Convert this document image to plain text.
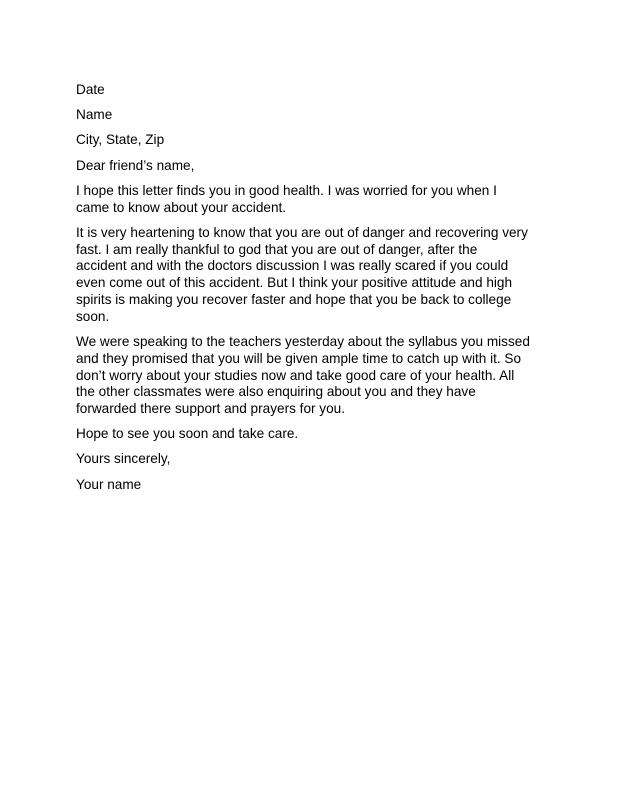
Date
Name
City, State, Zip
Dear friend’s name,
I hope this letter finds you in good health. I was worried for you when I
came to know about your accident.
It is very heartening to know that you are out of danger and recovering very
fast. I am really thankful to god that you are out of danger, after the
accident and with the doctors discussion I was really scared if you could
even come out of this accident. But I think your positive attitude and high
spirits is making you recover faster and hope that you be back to college
soon.
We were speaking to the teachers yesterday about the syllabus you missed
and they promised that you will be given ample time to catch up with it. So
don’t worry about your studies now and take good care of your health. All
the other classmates were also enquiring about you and they have
forwarded there support and prayers for you.
Hope to see you soon and take care.
Yours sincerely,
Your name
